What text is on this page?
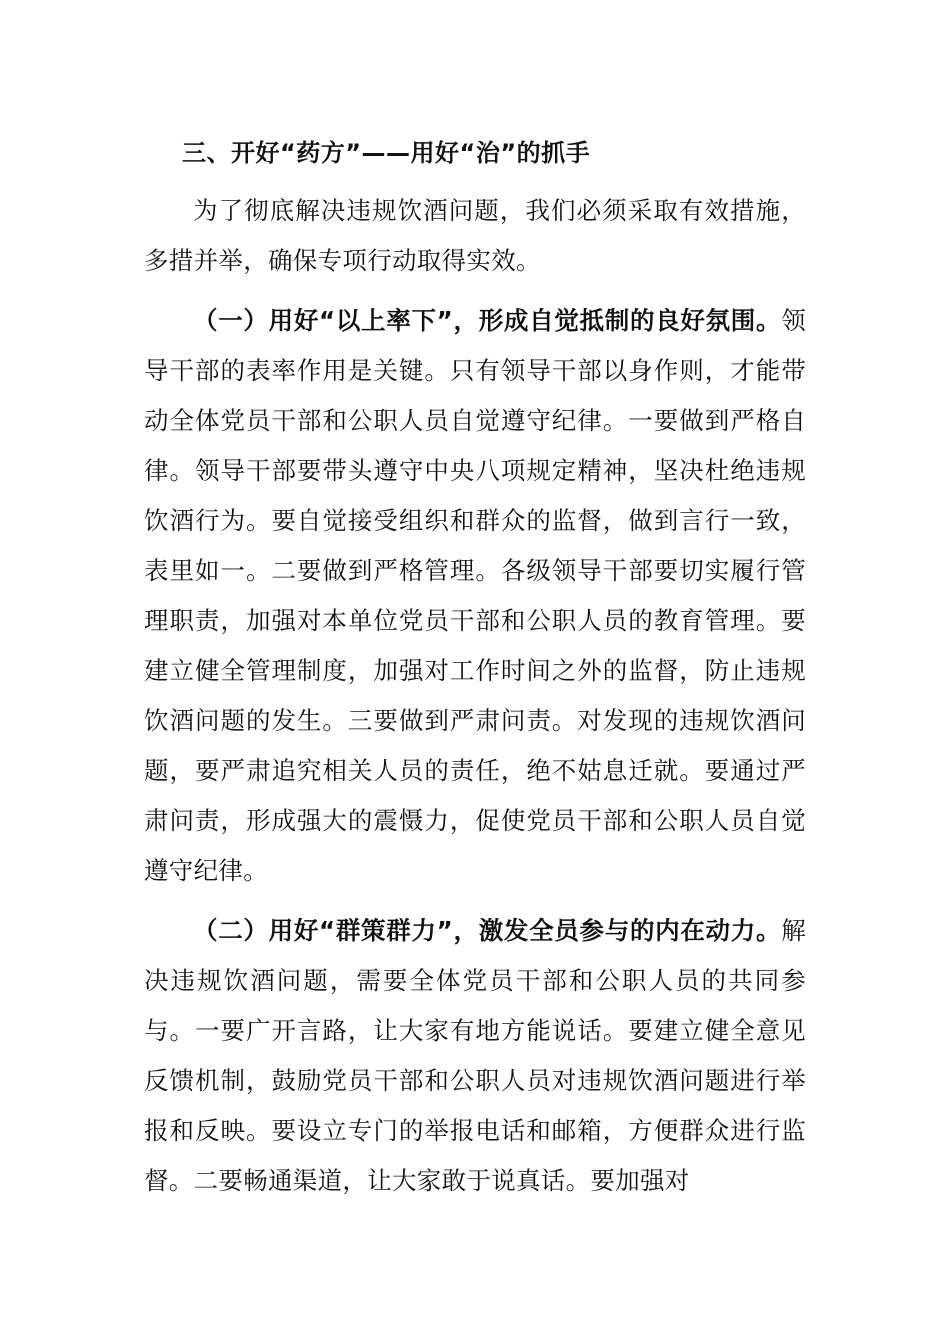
三、开好“药方”——用好“治”的抓手

为了彻底解决违规饮酒问题，我们必须采取有效措施，多措并举，确保专项行动取得实效。

（一）用好“以上率下”，形成自觉抵制的良好氛围。领导干部的表率作用是关键。只有领导干部以身作则，才能带动全体党员干部和公职人员自觉遵守纪律。一要做到严格自律。领导干部要带头遵守中央八项规定精神，坚决杜绝违规饮酒行为。要自觉接受组织和群众的监督，做到言行一致，表里如一。二要做到严格管理。各级领导干部要切实履行管理职责，加强对本单位党员干部和公职人员的教育管理。要建立健全管理制度，加强对工作时间之外的监督，防止违规饮酒问题的发生。三要做到严肃问责。对发现的违规饮酒问题，要严肃追究相关人员的责任，绝不姑息迁就。要通过严肃问责，形成强大的震慑力，促使党员干部和公职人员自觉遵守纪律。

（二）用好“群策群力”，激发全员参与的内在动力。解决违规饮酒问题，需要全体党员干部和公职人员的共同参与。一要广开言路，让大家有地方能说话。要建立健全意见反馈机制，鼓励党员干部和公职人员对违规饮酒问题进行举报和反映。要设立专门的举报电话和邮箱，方便群众进行监督。二要畅通渠道，让大家敢于说真话。要加强对
